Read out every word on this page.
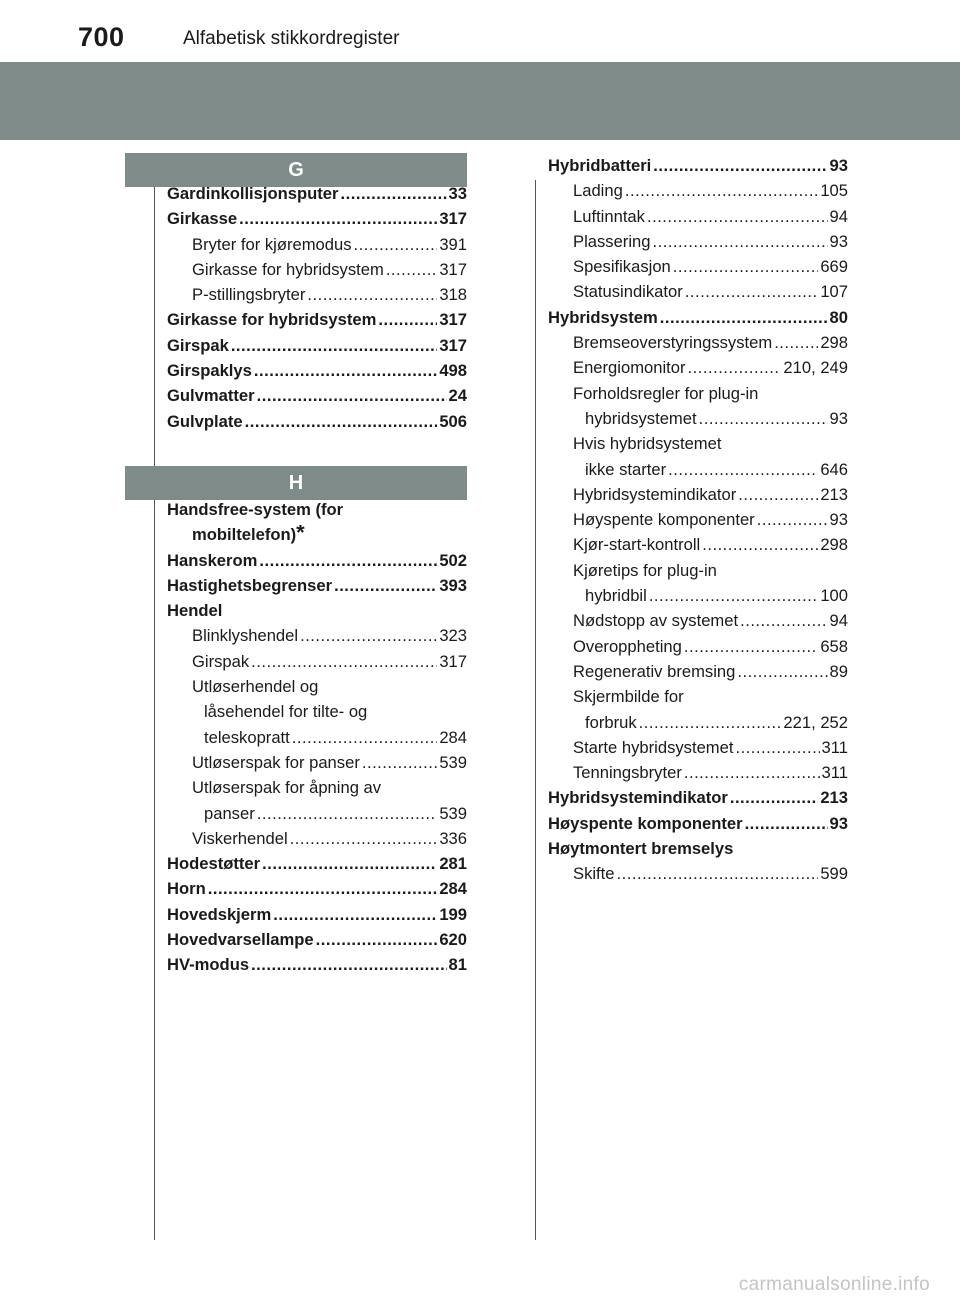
700	Alfabetisk stikkordregister
G
Gardinkollisjonsputer .....	33
Girkasse .....	317
Bryter for kjøremodus .....	391
Girkasse for hybridsystem .....	317
P-stillingsbryter .....	318
Girkasse for hybridsystem .....	317
Girspak .....	317
Girspaklys .....	498
Gulvmatter .....	24
Gulvplate .....	506
H
Handsfree-system (for
mobiltelefon) *
Hanskerom .....	502
Hastighetsbegrenser .....	393
Hendel
Blinklyshendel .....	323
Girspak .....	317
Utløserhendel og
låsehendel for tilte- og
teleskopratt .....	284
Utløserspak for panser .....	539
Utløserspak for åpning av
panser .....	539
Viskerhendel .....	336
Hodestøtter .....	281
Horn .....	284
Hovedskjerm .....	199
Hovedvarsellampe .....	620
HV-modus .....	81
Hybridbatteri .....	93
Lading .....	105
Luftinntak .....	94
Plassering .....	93
Spesifikasjon .....	669
Statusindikator .....	107
Hybridsystem .....	80
Bremseoverstyringssystem .....	298
Energiomonitor .....	210, 249
Forholdsregler for plug-in
hybridsystemet .....	93
Hvis hybridsystemet
ikke starter .....	646
Hybridsystemindikator .....	213
Høyspente komponenter .....	93
Kjør-start-kontroll .....	298
Kjøretips for plug-in
hybridbil .....	100
Nødstopp av systemet .....	94
Overoppheting .....	658
Regenerativ bremsing .....	89
Skjermbilde for
forbruk .....	221, 252
Starte hybridsystemet .....	311
Tenningsbryter .....	311
Hybridsystemindikator .....	213
Høyspente komponenter .....	93
Høytmontert bremselys
Skifte .....	599
carmanualsonline.info
